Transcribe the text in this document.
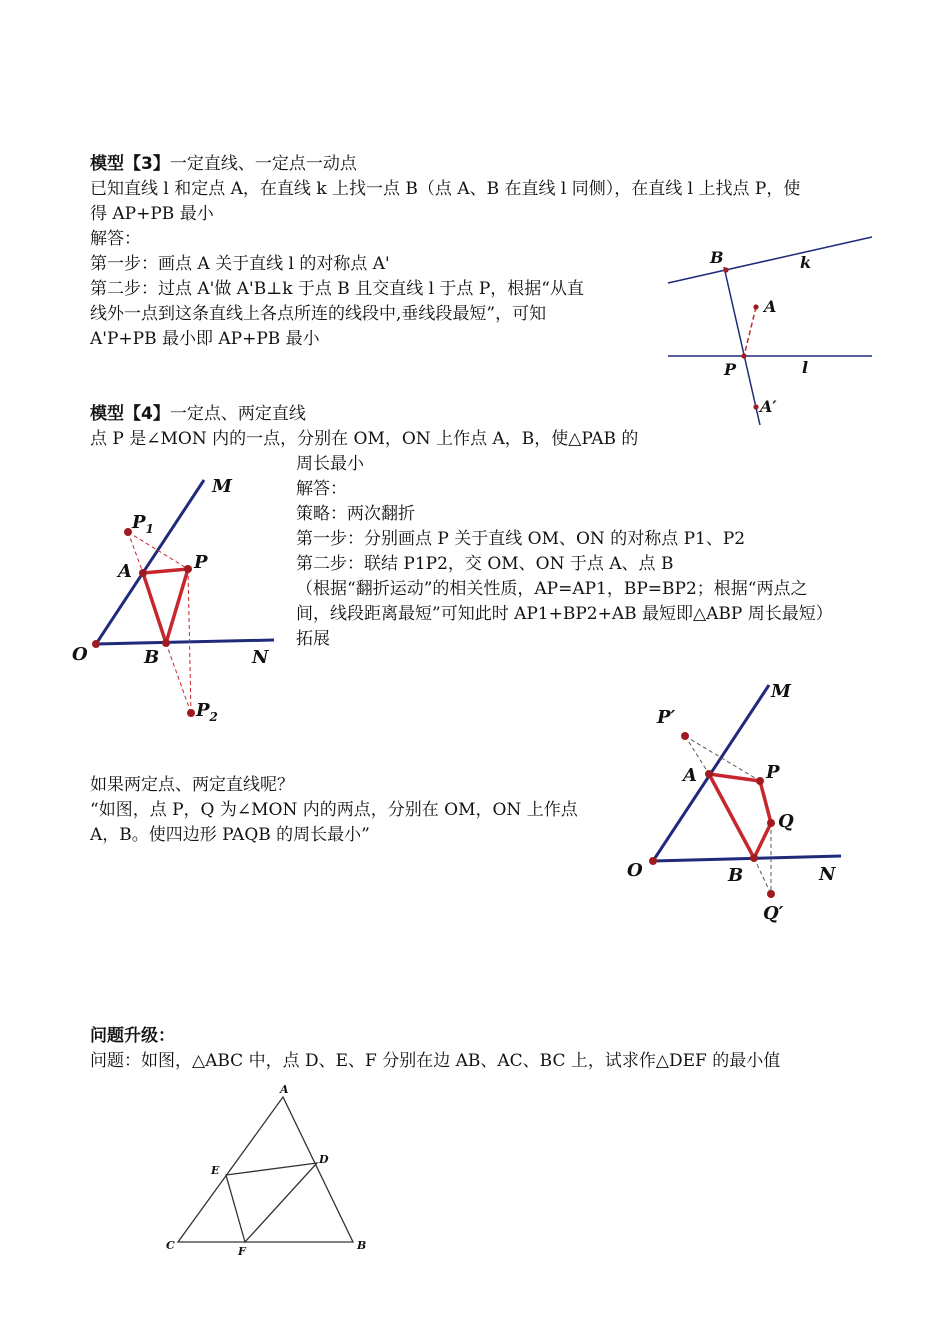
模型【3】一定直线、一定点一动点
已知直线 l 和定点 A，在直线 k 上找一点 B（点 A、B 在直线 l 同侧），在直线 l 上找点 P，使
得 AP+PB 最小
解答：
第一步：画点 A 关于直线 l 的对称点 A'
第二步：过点 A'做 A'B⊥k 于点 B 且交直线 l 于点 P，根据“从直
线外一点到这条直线上各点所连的线段中,垂线段最短”，可知
A'P+PB 最小即 AP+PB 最小
B	k
A
P	l
A′
模型【4】一定点、两定直线
点 P 是∠MON 内的一点，分别在 OM，ON 上作点 A，B，使△PAB 的
周长最小
解答：
策略：两次翻折
第一步：分别画点 P 关于直线 OM、ON 的对称点 P1、P2
第二步：联结 P1P2，交 OM、ON 于点 A、点 B
（根据“翻折运动”的相关性质，AP=AP1，BP=BP2；根据“两点之
间，线段距离最短”可知此时 AP1+BP2+AB 最短即△ABP 周长最短）
拓展
M
$P_1$
A	P
O	B	N
$P_2$
如果两定点、两定直线呢？
“如图，点 P，Q 为∠MON 内的两点，分别在 OM，ON 上作点
A，B。使四边形 PAQB 的周长最小”
M
P′
A	P
Q
O	B	N
Q′
问题升级：
问题：如图，△ABC 中，点 D、E、F 分别在边 AB、AC、BC 上，试求作△DEF 的最小值
A
E
D
C	F	B
